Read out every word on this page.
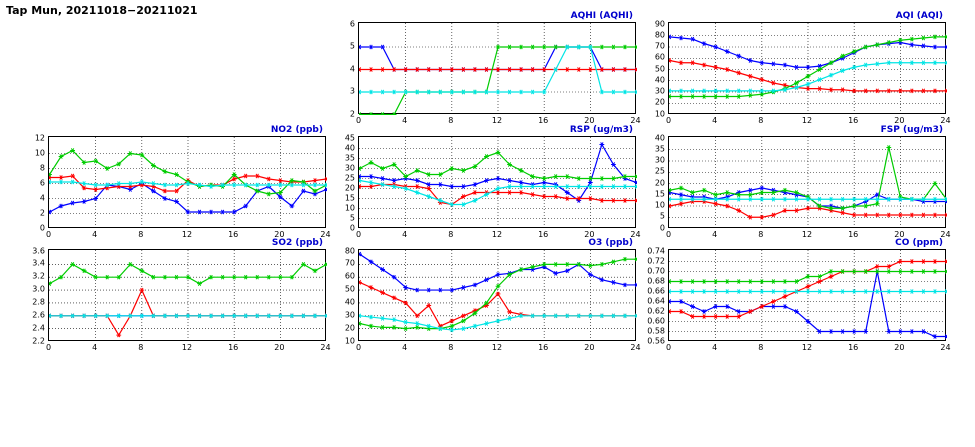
Tap Mun, 20211018−20211021	AQHI (AQHI)
2
3
4
5
6
0	4	8	12	16	20	24
AQI (AQI)
10
20
30
40
50
60
70
80
90
0	4	8	12	16	20	24
NO2 (ppb)
0
2
4
6
8
10
12
0	4	8	12	16	20	24
RSP (ug/m3)
0
5
10
15
20
25
30
35
40
45
0	4	8	12	16	20	24
FSP (ug/m3)
0
5
10
15
20
25
30
35
40
0	4	8	12	16	20	24
SO2 (ppb)
2.2
2.4
2.6
2.8
3.0
3.2
3.4
3.6
0	4	8	12	16	20	24
O3 (ppb)
10
20
30
40
50
60
70
80
0	4	8	12	16	20	24
CO (ppm)
0.56
0.58
0.60
0.62
0.64
0.66
0.68
0.70
0.72
0.74
0	4	8	12	16	20	24
